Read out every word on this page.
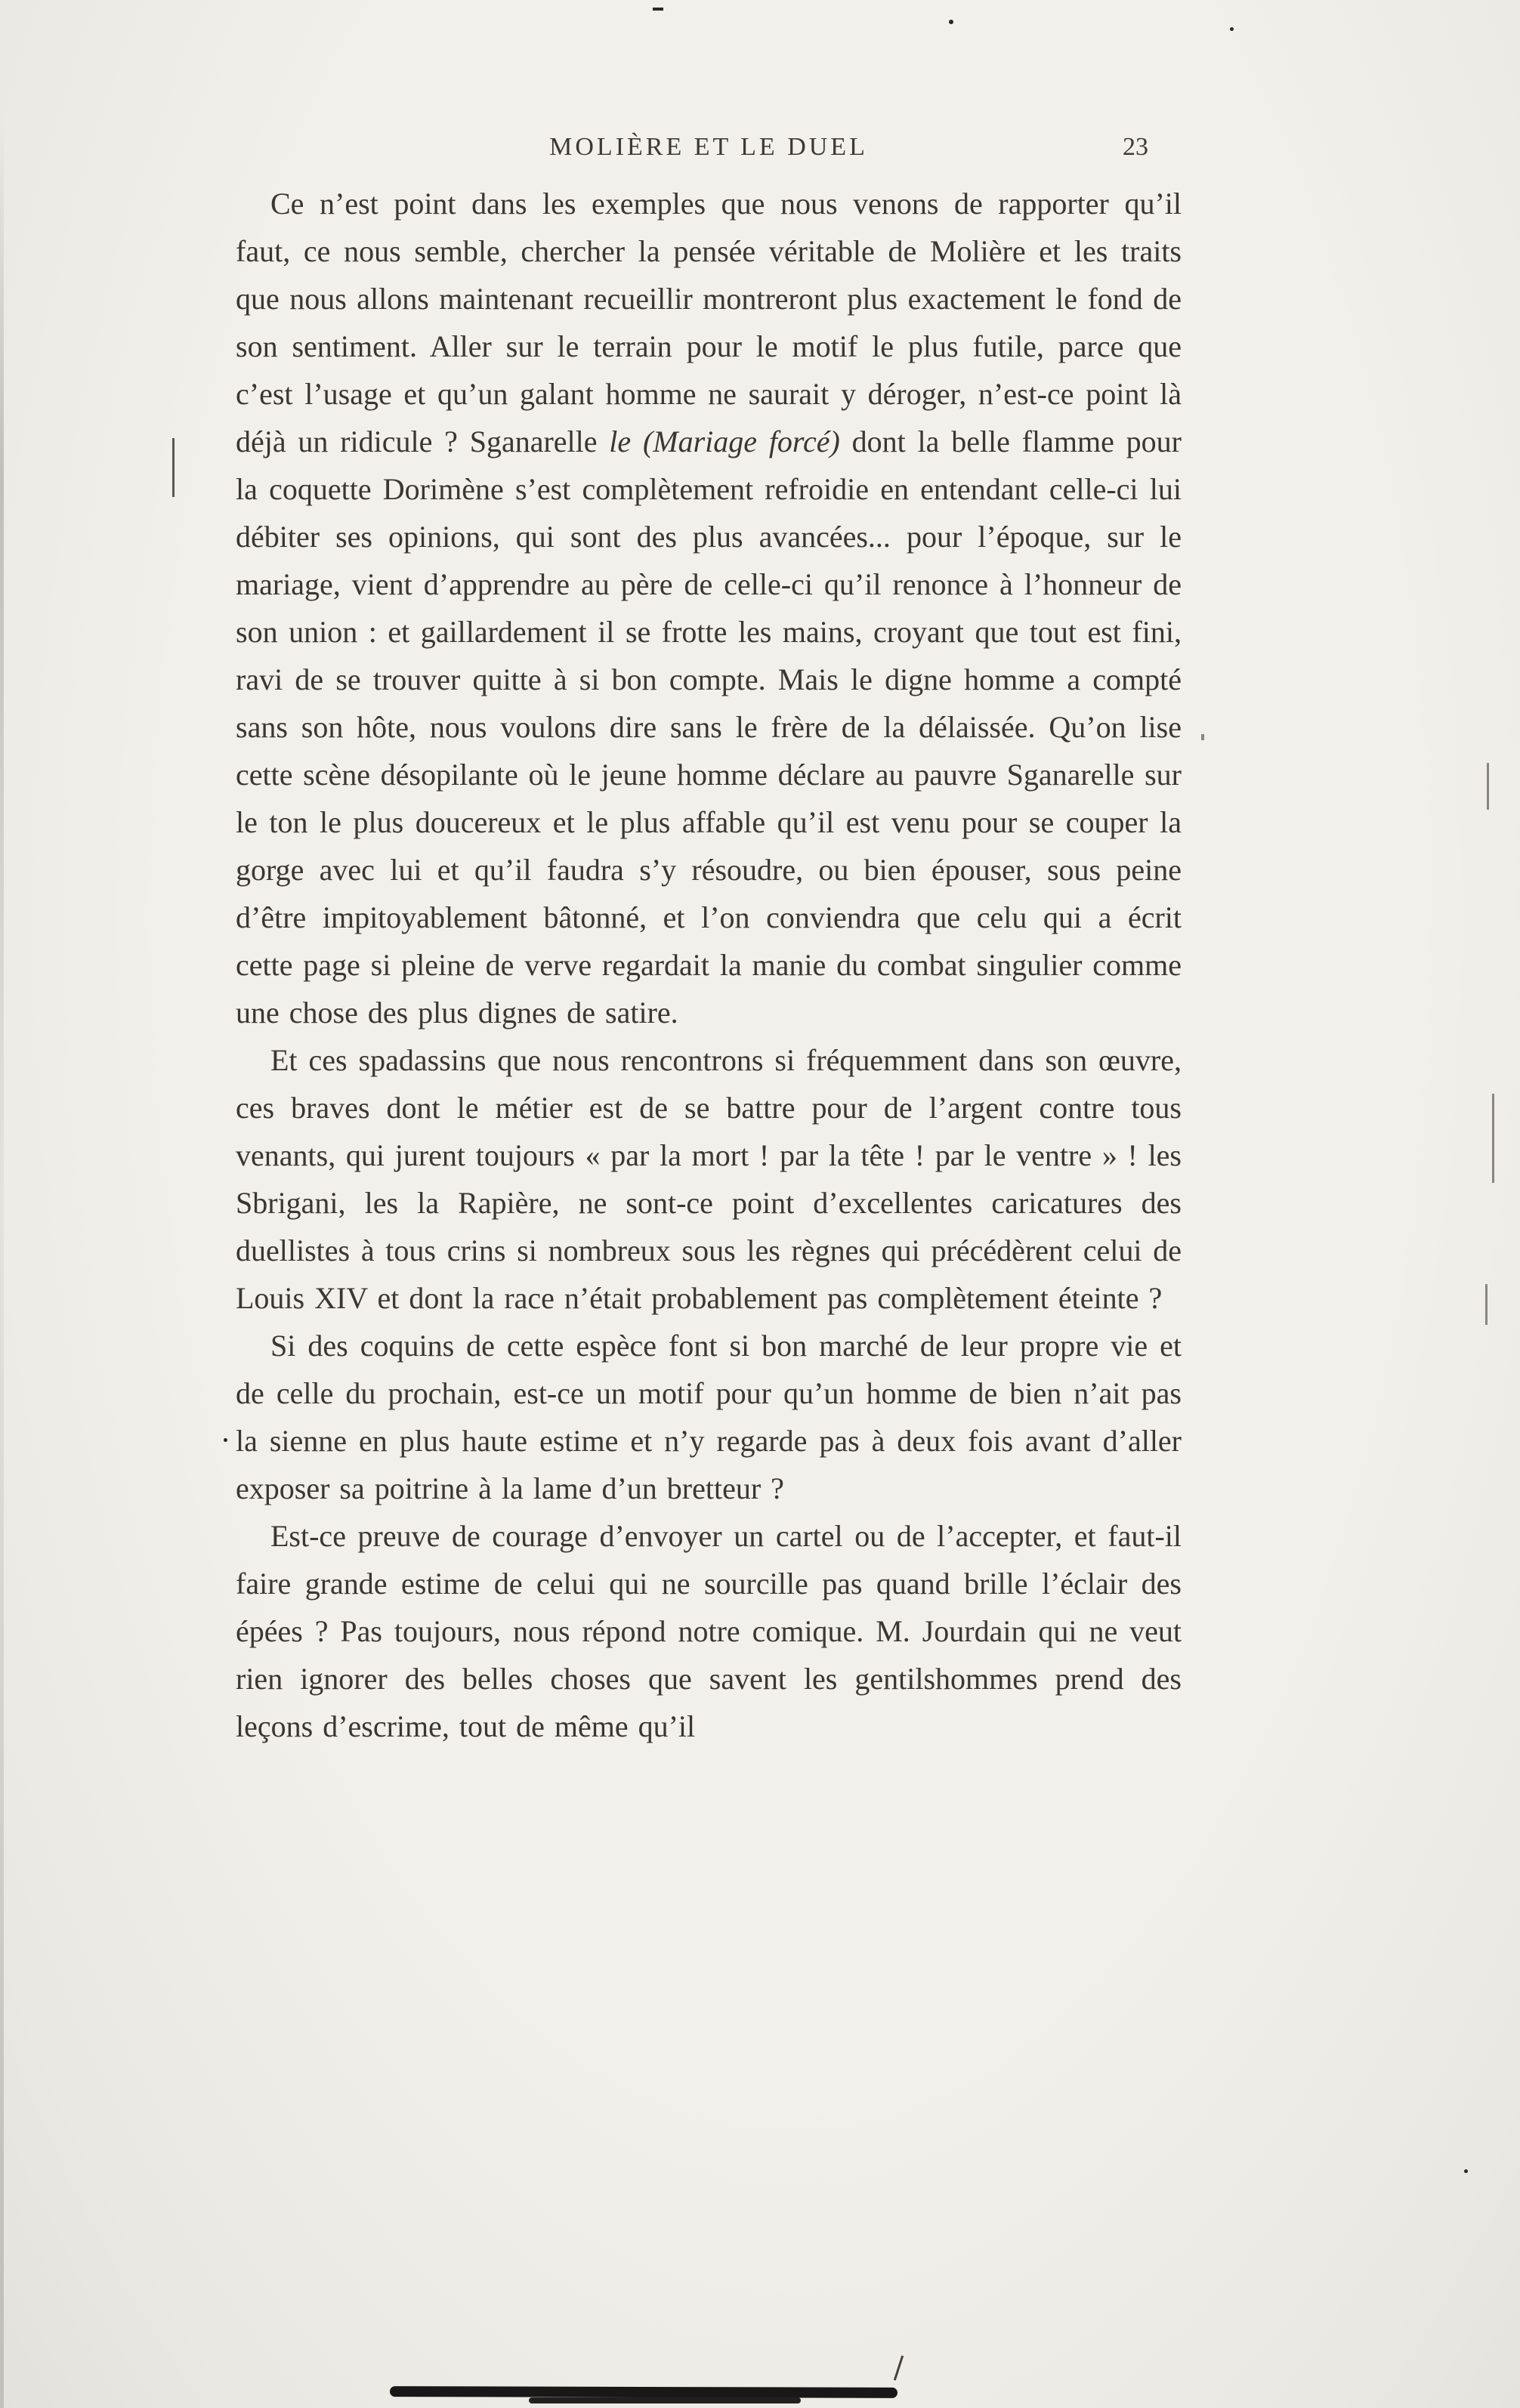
MOLIÈRE ET LE DUEL	23

Ce n’est point dans les exemples que nous venons de rapporter qu’il faut, ce nous semble, chercher la pensée véritable de Molière et les traits que nous allons maintenant recueillir montreront plus exactement le fond de son sentiment. Aller sur le terrain pour le motif le plus futile, parce que c’est l’usage et qu’un galant homme ne saurait y déroger, n’est-ce point là déjà un ridicule ? Sganarelle le (Mariage forcé) dont la belle flamme pour la coquette Dorimène s’est complètement refroidie en entendant celle-ci lui débiter ses opinions, qui sont des plus avancées... pour l’époque, sur le mariage, vient d’apprendre au père de celle-ci qu’il renonce à l’honneur de son union : et gaillardement il se frotte les mains, croyant que tout est fini, ravi de se trouver quitte à si bon compte. Mais le digne homme a compté sans son hôte, nous voulons dire sans le frère de la délaissée. Qu’on lise cette scène désopilante où le jeune homme déclare au pauvre Sganarelle sur le ton le plus doucereux et le plus affable qu’il est venu pour se couper la gorge avec lui et qu’il faudra s’y résoudre, ou bien épouser, sous peine d’être impitoyablement bâtonné, et l’on conviendra que celu qui a écrit cette page si pleine de verve regardait la manie du combat singulier comme une chose des plus dignes de satire.

Et ces spadassins que nous rencontrons si fréquemment dans son œuvre, ces braves dont le métier est de se battre pour de l’argent contre tous venants, qui jurent toujours « par la mort ! par la tête ! par le ventre » ! les Sbrigani, les la Rapière, ne sont-ce point d’excellentes caricatures des duellistes à tous crins si nombreux sous les règnes qui précédèrent celui de Louis XIV et dont la race n’était probablement pas complètement éteinte ?

Si des coquins de cette espèce font si bon marché de leur propre vie et de celle du prochain, est-ce un motif pour qu’un homme de bien n’ait pas la sienne en plus haute estime et n’y regarde pas à deux fois avant d’aller exposer sa poitrine à la lame d’un bretteur ?

Est-ce preuve de courage d’envoyer un cartel ou de l’accepter, et faut-il faire grande estime de celui qui ne sourcille pas quand brille l’éclair des épées ? Pas toujours, nous répond notre comique. M. Jourdain qui ne veut rien ignorer des belles choses que savent les gentilshommes prend des leçons d’escrime, tout de même qu’il
